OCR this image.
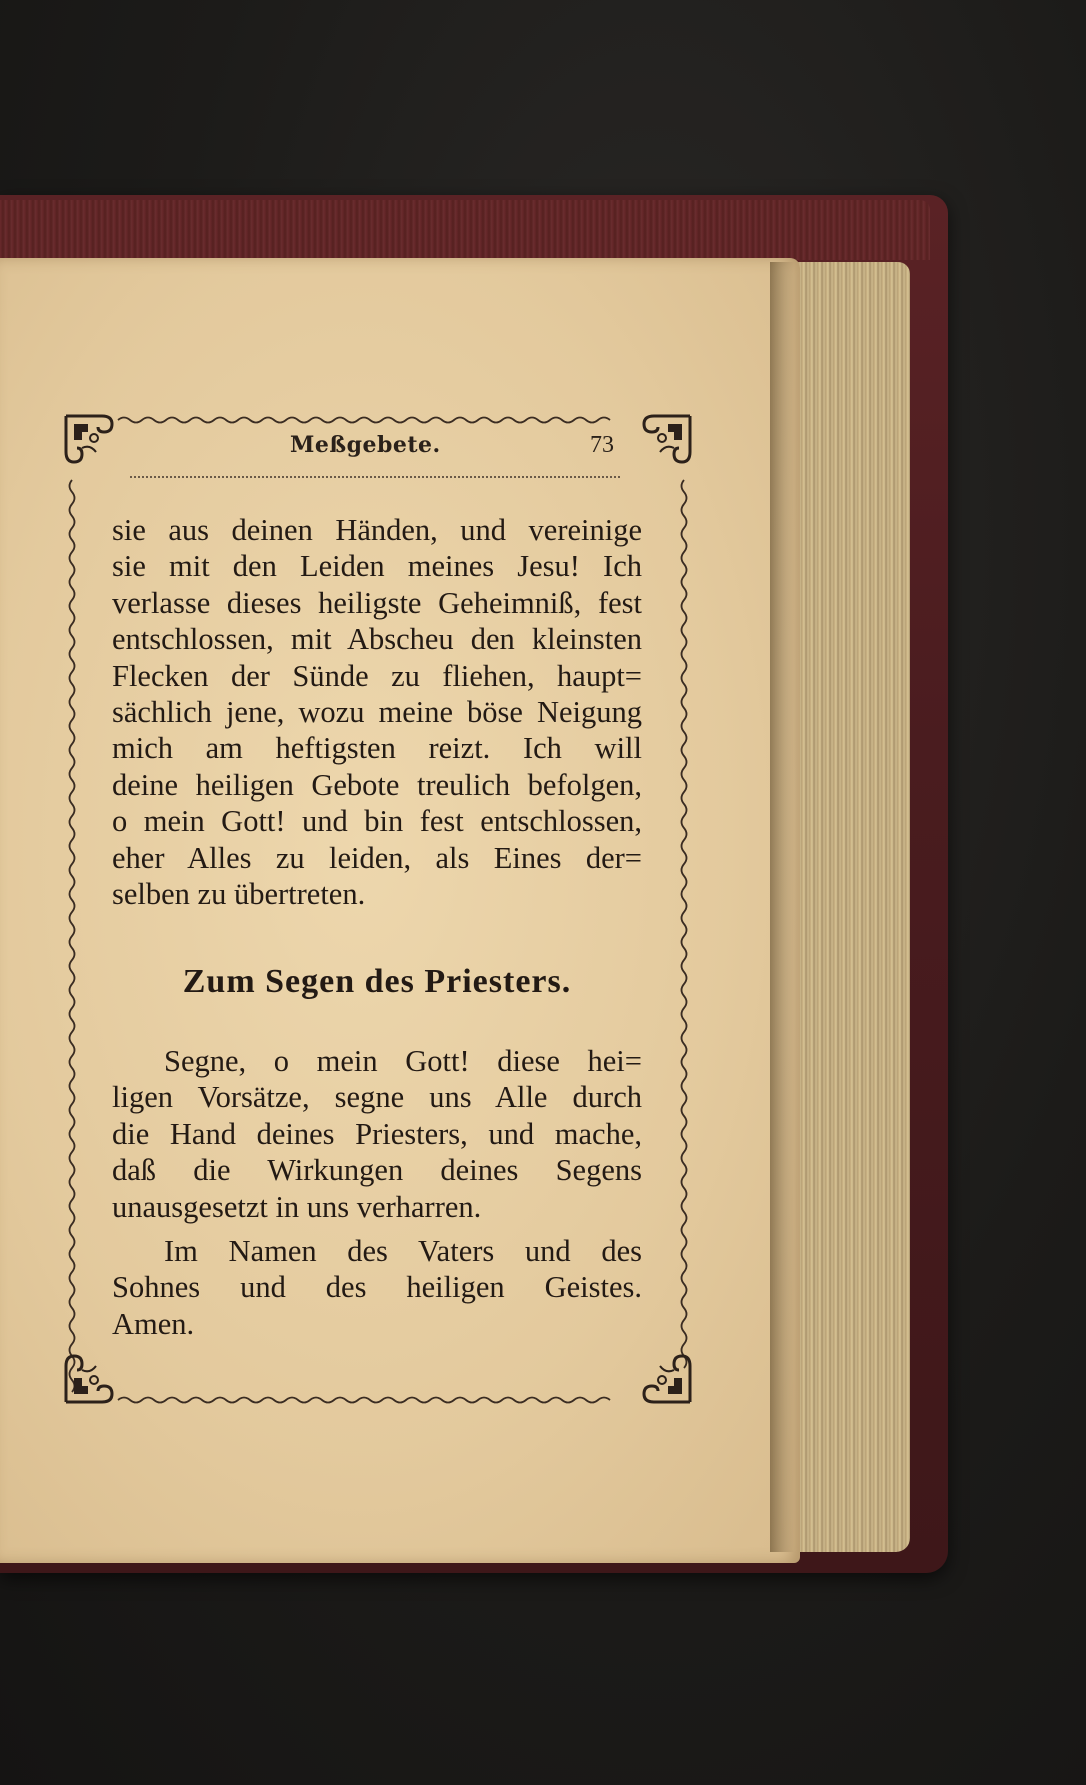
Meßgebete.	73
sie aus deinen Händen, und vereinige
sie mit den Leiden meines Jesu! Ich
verlasse dieses heiligste Geheimniß, fest
entschlossen, mit Abscheu den kleinsten
Flecken der Sünde zu fliehen, haupt=
sächlich jene, wozu meine böse Neigung
mich am heftigsten reizt. Ich will
deine heiligen Gebote treulich befolgen,
o mein Gott! und bin fest entschlossen,
eher Alles zu leiden, als Eines der=
selben zu übertreten.
Zum Segen des Priesters.
Segne, o mein Gott! diese hei=
ligen Vorsätze, segne uns Alle durch
die Hand deines Priesters, und mache,
daß die Wirkungen deines Segens
unausgesetzt in uns verharren.
Im Namen des Vaters und des
Sohnes und des heiligen Geistes.
Amen.
